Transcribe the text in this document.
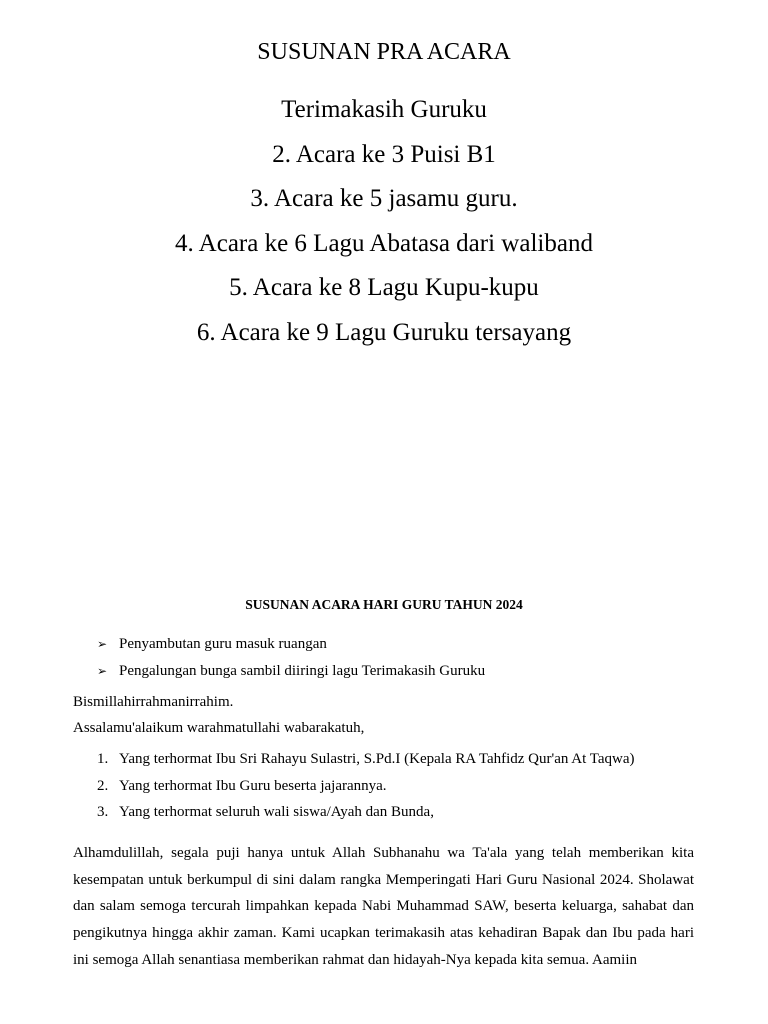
SUSUNAN PRA ACARA
Terimakasih Guruku
2. Acara ke 3 Puisi B1
3. Acara ke 5 jasamu guru.
4. Acara ke 6 Lagu Abatasa dari waliband
5. Acara ke 8 Lagu Kupu-kupu
6. Acara ke 9 Lagu Guruku tersayang
SUSUNAN ACARA HARI GURU TAHUN 2024
➢ Penyambutan guru masuk ruangan
➢ Pengalungan bunga sambil diiringi lagu Terimakasih Guruku
Bismillahirrahmanirrahim.
Assalamu'alaikum warahmatullahi wabarakatuh,
1. Yang terhormat Ibu Sri Rahayu Sulastri, S.Pd.I (Kepala RA Tahfidz Qur'an At Taqwa)
2. Yang terhormat Ibu Guru beserta jajarannya.
3. Yang terhormat seluruh wali siswa/Ayah dan Bunda,

Alhamdulillah, segala puji hanya untuk Allah Subhanahu wa Ta'ala yang telah memberikan kita kesempatan untuk berkumpul di sini dalam rangka Memperingati Hari Guru Nasional 2024. Sholawat dan salam semoga tercurah limpahkan kepada Nabi Muhammad SAW, beserta keluarga, sahabat dan pengikutnya hingga akhir zaman. Kami ucapkan terimakasih atas kehadiran Bapak dan Ibu pada hari ini semoga Allah senantiasa memberikan rahmat dan hidayah-Nya kepada kita semua. Aamiin
